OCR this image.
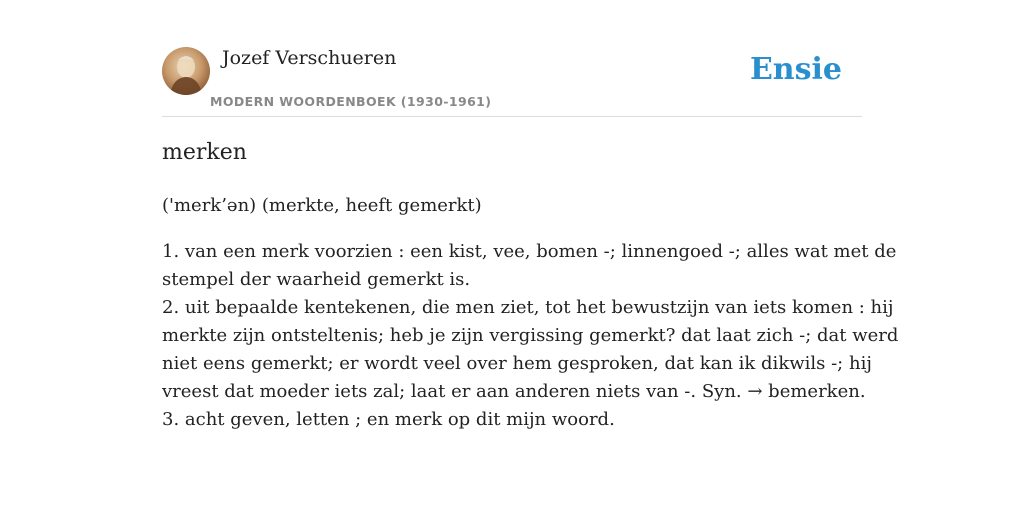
Jozef Verschueren
MODERN WOORDENBOEK (1930-1961)
Ensie
merken
('merk’ən) (merkte, heeft gemerkt)
1. van een merk voorzien : een kist, vee, bomen -; linnengoed -; alles wat met de
stempel der waarheid gemerkt is.
2. uit bepaalde kentekenen, die men ziet, tot het bewustzijn van iets komen : hij
merkte zijn ontsteltenis; heb je zijn vergissing gemerkt? dat laat zich -; dat werd
niet eens gemerkt; er wordt veel over hem gesproken, dat kan ik dikwils -; hij
vreest dat moeder iets zal; laat er aan anderen niets van -. Syn. → bemerken.
3. acht geven, letten ; en merk op dit mijn woord.
